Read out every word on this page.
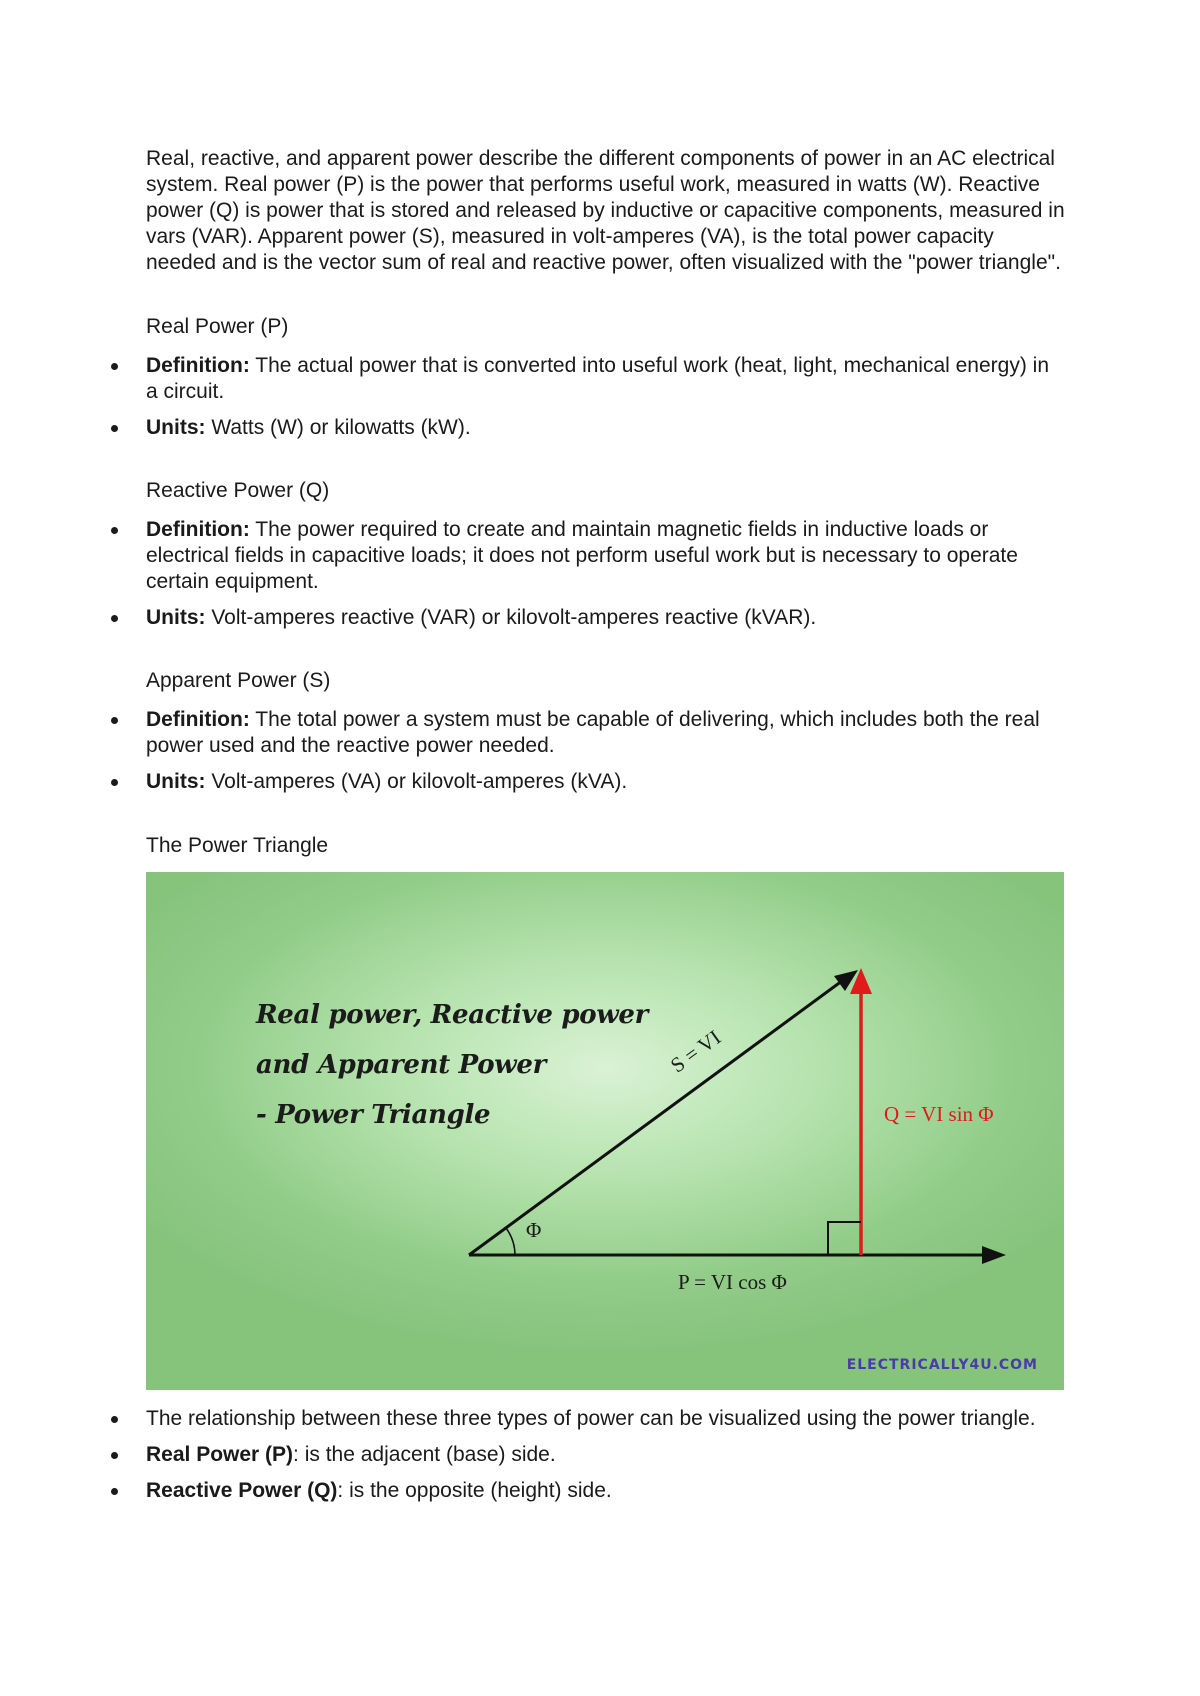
Real, reactive, and apparent power describe the different components of power in an AC electrical system. Real power (P) is the power that performs useful work, measured in watts (W). Reactive power (Q) is power that is stored and released by inductive or capacitive components, measured in vars (VAR). Apparent power (S), measured in volt-amperes (VA), is the total power capacity needed and is the vector sum of real and reactive power, often visualized with the "power triangle".

Real Power (P)
Definition: The actual power that is converted into useful work (heat, light, mechanical energy) in a circuit.
Units: Watts (W) or kilowatts (kW).
Reactive Power (Q)
Definition: The power required to create and maintain magnetic fields in inductive loads or electrical fields in capacitive loads; it does not perform useful work but is necessary to operate certain equipment.
Units: Volt-amperes reactive (VAR) or kilovolt-amperes reactive (kVAR).
Apparent Power (S)
Definition: The total power a system must be capable of delivering, which includes both the real power used and the reactive power needed.
Units: Volt-amperes (VA) or kilovolt-amperes (kVA).
The Power Triangle
Real power, Reactive power
and Apparent Power
- Power Triangle
S = VI
Q = VI sin Φ
P = VI cos Φ
Φ
ELECTRICALLY4U.COM
The relationship between these three types of power can be visualized using the power triangle.
Real Power (P): is the adjacent (base) side.
Reactive Power (Q): is the opposite (height) side.
